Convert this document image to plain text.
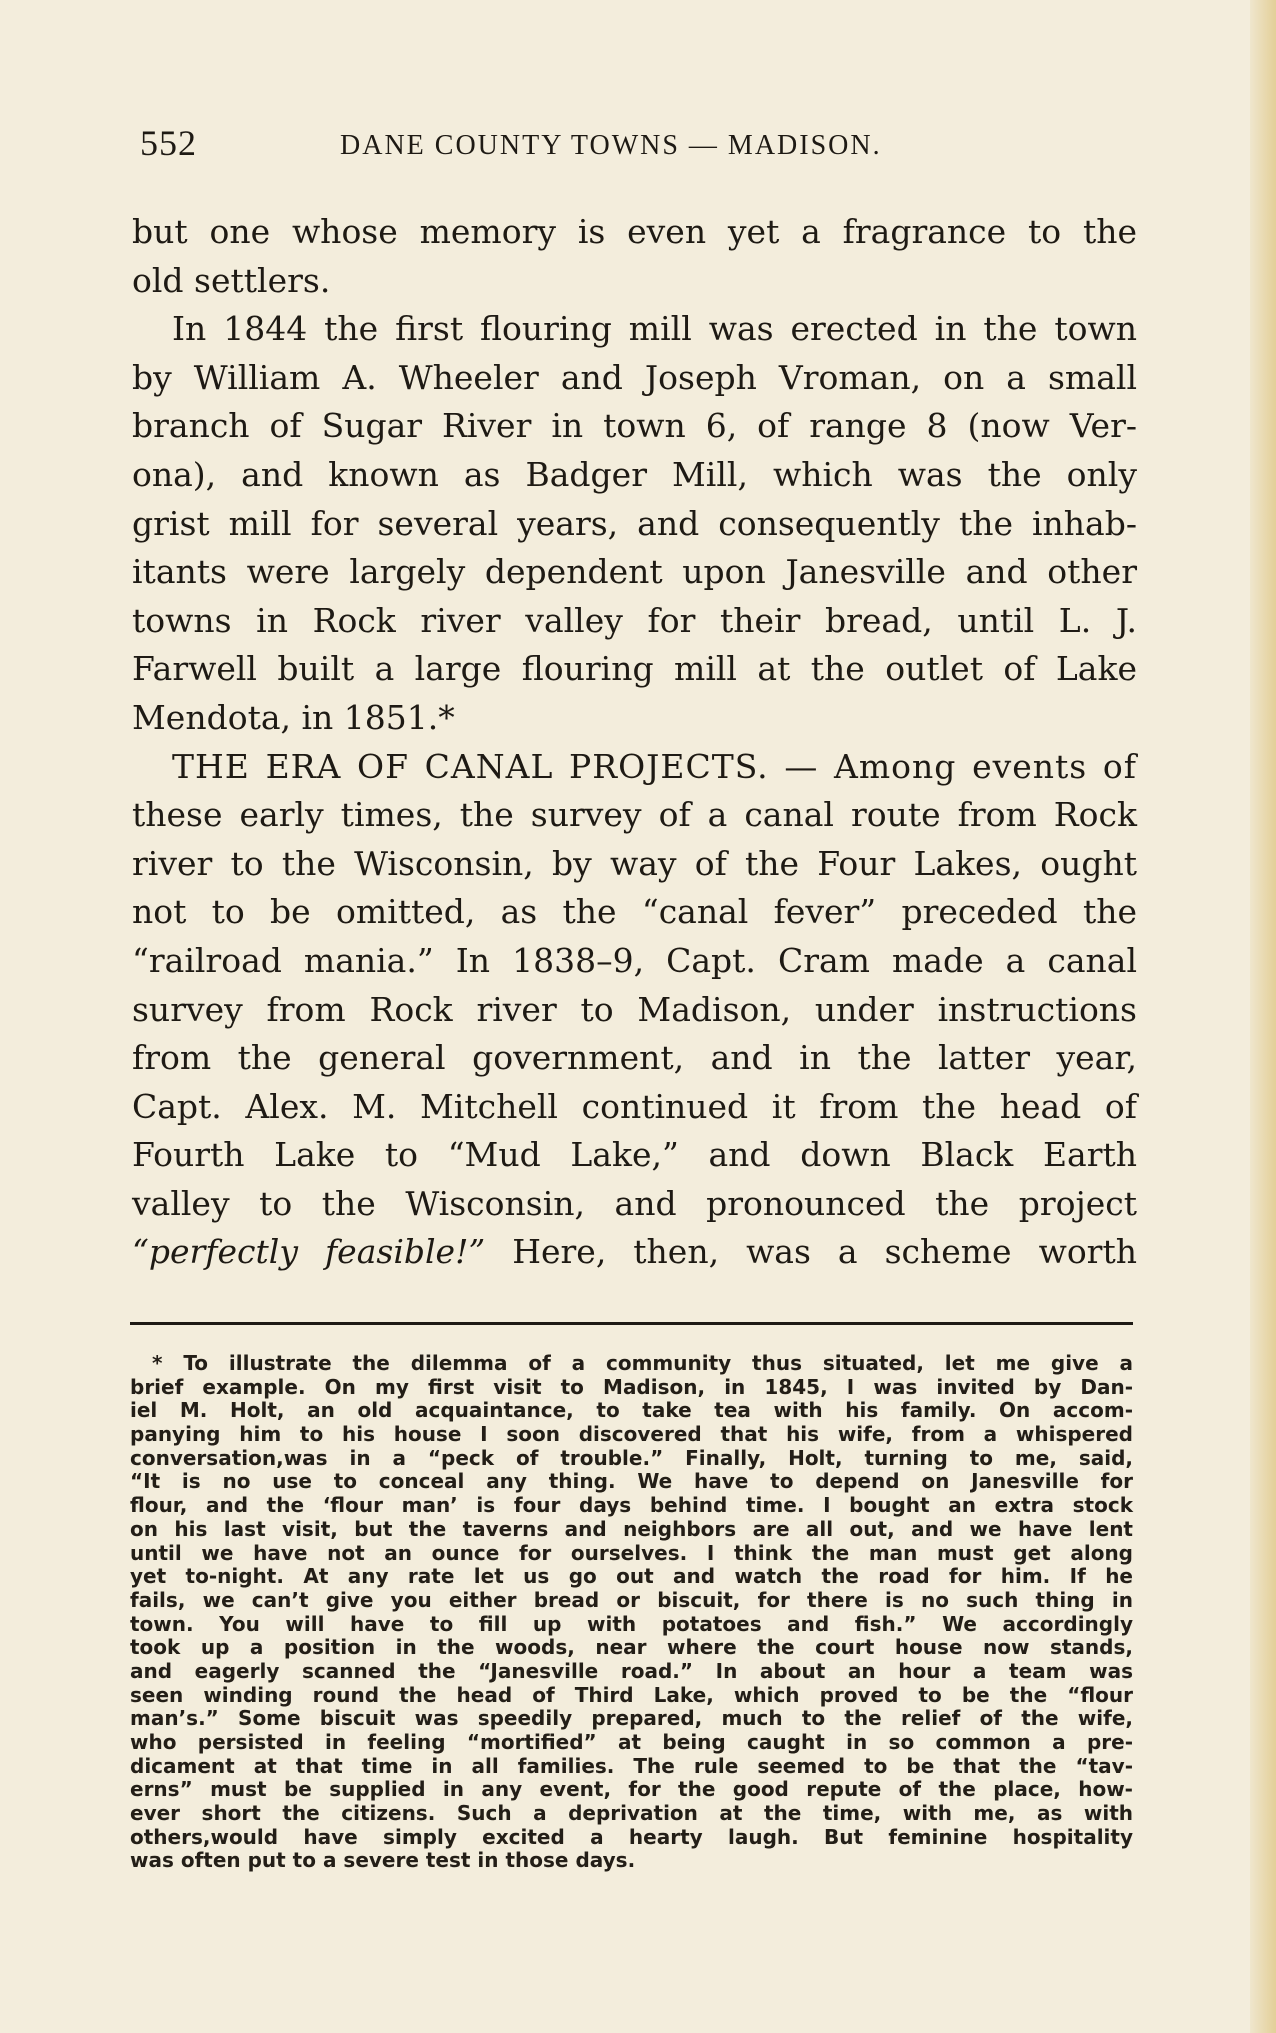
552	DANE COUNTY TOWNS — MADISON.
but one whose memory is even yet a fragrance to the
old settlers.
In 1844 the first flouring mill was erected in the town
by William A. Wheeler and Joseph Vroman, on a small
branch of Sugar River in town 6, of range 8 (now Ver-
ona), and known as Badger Mill, which was the only
grist mill for several years, and consequently the inhab-
itants were largely dependent upon Janesville and other
towns in Rock river valley for their bread, until L. J.
Farwell built a large flouring mill at the outlet of Lake
Mendota, in 1851.*
THE ERA OF CANAL PROJECTS. — Among events of
these early times, the survey of a canal route from Rock
river to the Wisconsin, by way of the Four Lakes, ought
not to be omitted, as the “canal fever” preceded the
“railroad mania.” In 1838–9, Capt. Cram made a canal
survey from Rock river to Madison, under instructions
from the general government, and in the latter year,
Capt. Alex. M. Mitchell continued it from the head of
Fourth Lake to “Mud Lake,” and down Black Earth
valley to the Wisconsin, and pronounced the project
“perfectly feasible!” Here, then, was a scheme worth
* To illustrate the dilemma of a community thus situated, let me give a
brief example. On my first visit to Madison, in 1845, I was invited by Dan-
iel M. Holt, an old acquaintance, to take tea with his family. On accom-
panying him to his house I soon discovered that his wife, from a whispered
conversation,was in a “peck of trouble.” Finally, Holt, turning to me, said,
“It is no use to conceal any thing. We have to depend on Janesville for
flour, and the ‘flour man’ is four days behind time. I bought an extra stock
on his last visit, but the taverns and neighbors are all out, and we have lent
until we have not an ounce for ourselves. I think the man must get along
yet to-night. At any rate let us go out and watch the road for him. If he
fails, we can’t give you either bread or biscuit, for there is no such thing in
town. You will have to fill up with potatoes and fish.” We accordingly
took up a position in the woods, near where the court house now stands,
and eagerly scanned the “Janesville road.” In about an hour a team was
seen winding round the head of Third Lake, which proved to be the “flour
man’s.” Some biscuit was speedily prepared, much to the relief of the wife,
who persisted in feeling “mortified” at being caught in so common a pre-
dicament at that time in all families. The rule seemed to be that the “tav-
erns” must be supplied in any event, for the good repute of the place, how-
ever short the citizens. Such a deprivation at the time, with me, as with
others,would have simply excited a hearty laugh. But feminine hospitality
was often put to a severe test in those days.
